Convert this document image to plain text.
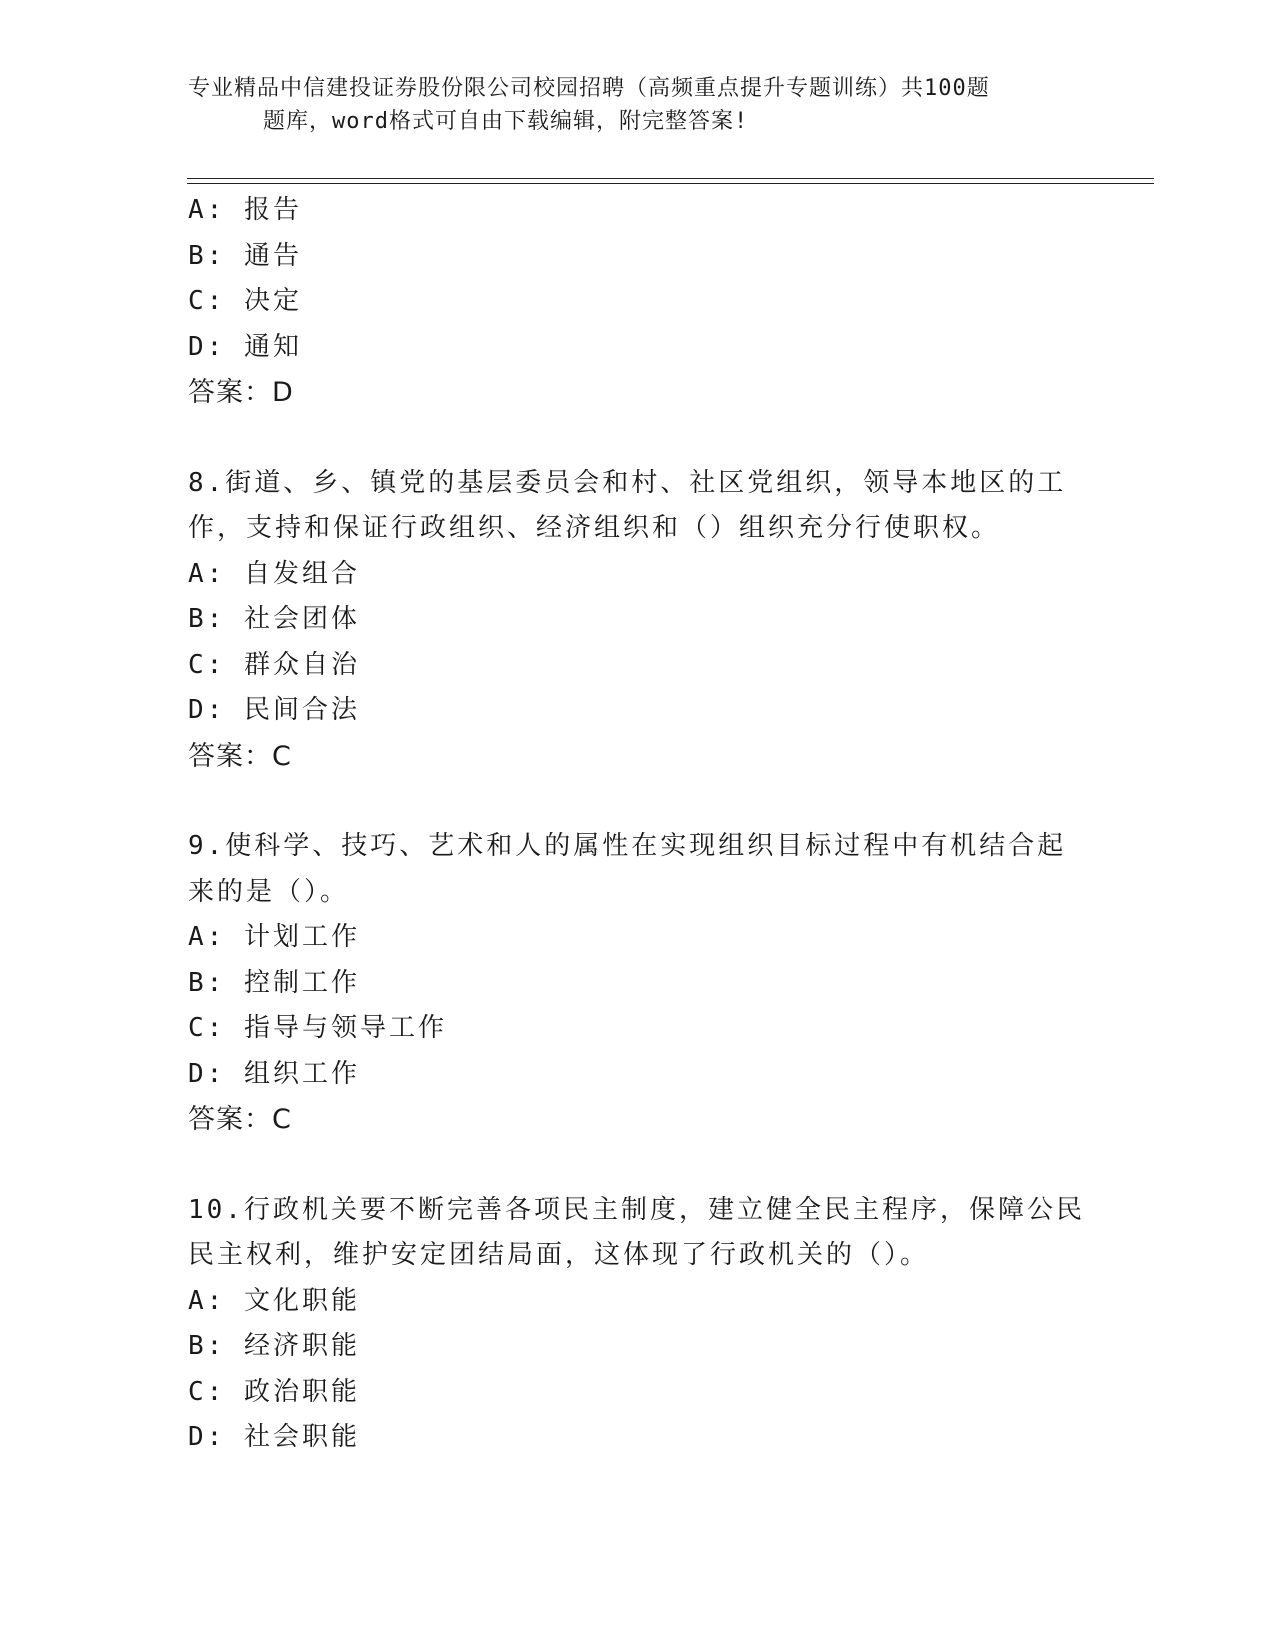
专业精品中信建投证券股份限公司校园招聘（高频重点提升专题训练）共100题
题库，word格式可自由下载编辑，附完整答案!
A: 报告
B: 通告
C: 决定
D: 通知
答案：D
8.街道、乡、镇党的基层委员会和村、社区党组织，领导本地区的工
作，支持和保证行政组织、经济组织和（）组织充分行使职权。
A: 自发组合
B: 社会团体
C: 群众自治
D: 民间合法
答案：C
9.使科学、技巧、艺术和人的属性在实现组织目标过程中有机结合起
来的是（）。
A: 计划工作
B: 控制工作
C: 指导与领导工作
D: 组织工作
答案：C
10.行政机关要不断完善各项民主制度，建立健全民主程序，保障公民
民主权利，维护安定团结局面，这体现了行政机关的（）。
A: 文化职能
B: 经济职能
C: 政治职能
D: 社会职能
